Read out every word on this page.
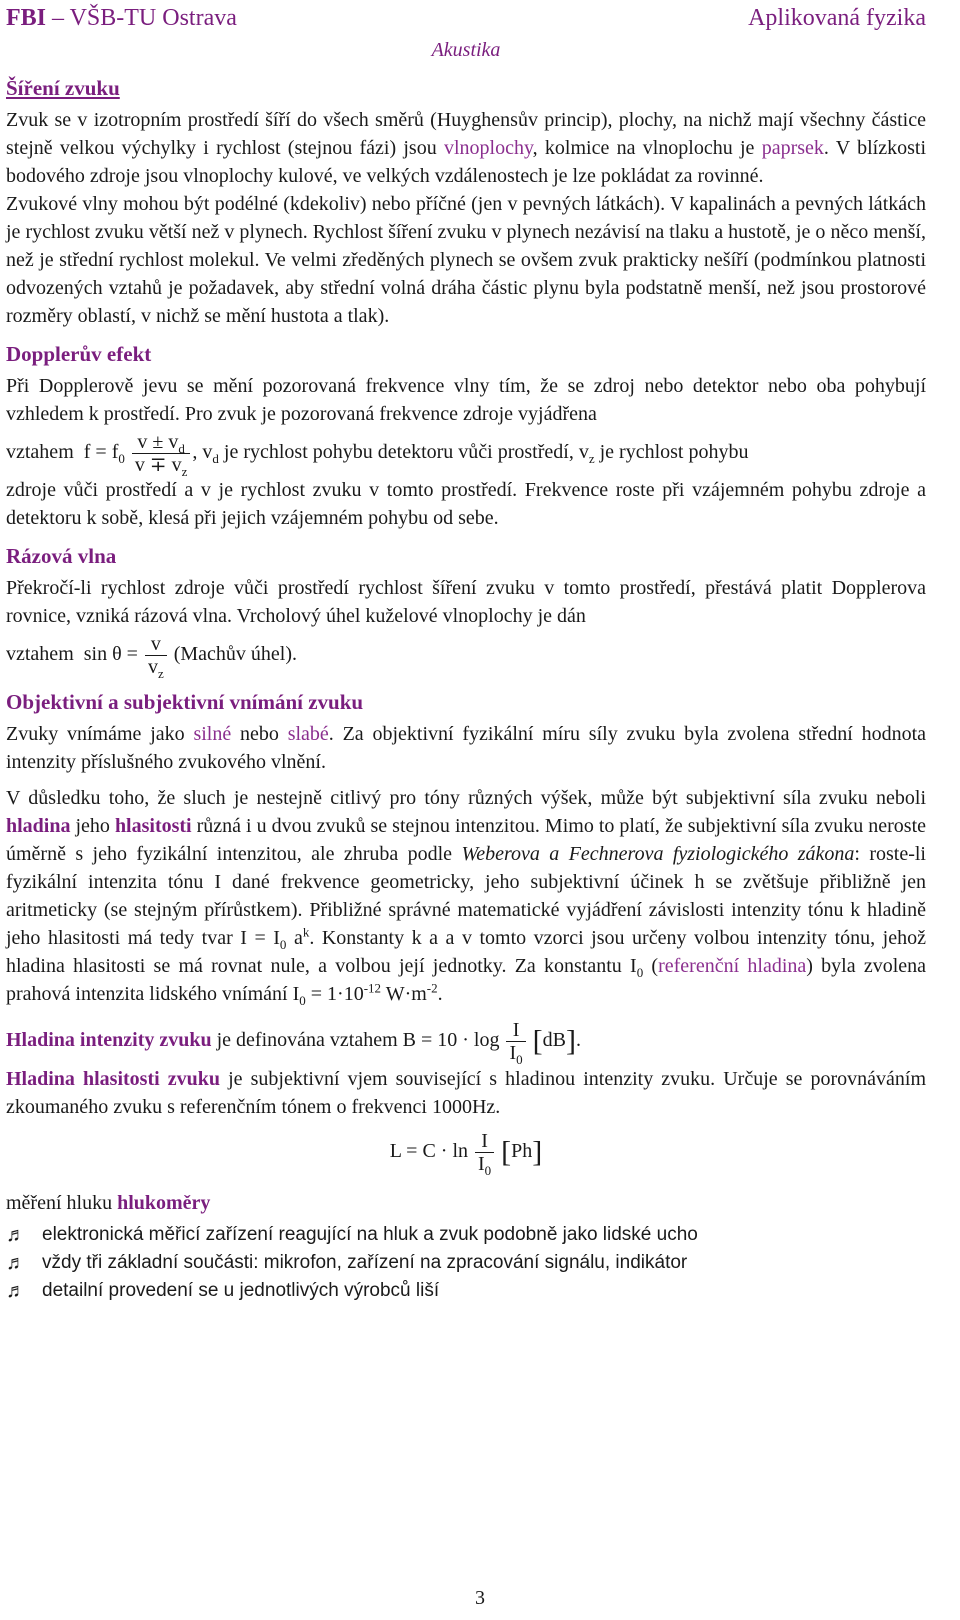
FBI – VŠB-TU Ostrava	Aplikovaná fyzika
Akustika
Šíření zvuku

Zvuk se v izotropním prostředí šíří do všech směrů (Huyghensův princip), plochy, na nichž mají všechny částice stejně velkou výchylky i rychlost (stejnou fázi) jsou vlnoplochy, kolmice na vlnoplochu je paprsek. V blízkosti bodového zdroje jsou vlnoplochy kulové, ve velkých vzdálenostech je lze pokládat za rovinné.

Zvukové vlny mohou být podélné (kdekoliv) nebo příčné (jen v pevných látkách). V kapalinách a pevných látkách je rychlost zvuku větší než v plynech. Rychlost šíření zvuku v plynech nezávisí na tlaku a hustotě, je o něco menší, než je střední rychlost molekul. Ve velmi zředěných plynech se ovšem zvuk prakticky nešíří (podmínkou platnosti odvozených vztahů je požadavek, aby střední volná dráha částic plynu byla podstatně menší, než jsou prostorové rozměry oblastí, v nichž se mění hustota a tlak).

Dopplerův efekt

Při Dopplerově jevu se mění pozorovaná frekvence vlny tím, že se zdroj nebo detektor nebo oba pohybují vzhledem k prostředí. Pro zvuk je pozorovaná frekvence zdroje vyjádřena

vztahem $f = f_0 \frac{v \pm v_d}{v \mp v_z}$ , $v_d$ je rychlost pohybu detektoru vůči prostředí, $v_z$ je rychlost pohybu

zdroje vůči prostředí a v je rychlost zvuku v tomto prostředí. Frekvence roste při vzájemném pohybu zdroje a detektoru k sobě, klesá při jejich vzájemném pohybu od sebe.

Rázová vlna

Překročí-li rychlost zdroje vůči prostředí rychlost šíření zvuku v tomto prostředí, přestává platit Dopplerova rovnice, vzniká rázová vlna. Vrcholový úhel kuželové vlnoplochy je dán

vztahem $\sin \theta = \frac{v}{v_z}$ (Machův úhel).

Objektivní a subjektivní vnímání zvuku

Zvuky vnímáme jako silné nebo slabé. Za objektivní fyzikální míru síly zvuku byla zvolena střední hodnota intenzity příslušného zvukového vlnění.

V důsledku toho, že sluch je nestejně citlivý pro tóny různých výšek, může být subjektivní síla zvuku neboli hladina jeho hlasitosti různá i u dvou zvuků se stejnou intenzitou. Mimo to platí, že subjektivní síla zvuku neroste úměrně s jeho fyzikální intenzitou, ale zhruba podle Weberova a Fechnerova fyziologického zákona: roste-li fyzikální intenzita tónu I dané frekvence geometricky, jeho subjektivní účinek h se zvětšuje přibližně jen aritmeticky (se stejným přírůstkem). Přibližné správné matematické vyjádření závislosti intenzity tónu k hladině jeho hlasitosti má tedy tvar $I = I_0$ $a^k$. Konstanty k a a v tomto vzorci jsou určeny volbou intenzity tónu, jehož hladina hlasitosti se má rovnat nule, a volbou její jednotky. Za konstantu $I_0$ (referenční hladina) byla zvolena prahová intenzita lidského vnímání $I_0 = 1\cdot 10^{-12}$ $W\cdot m^{-2}$.

Hladina intenzity zvuku je definována vztahem $B = 10 \cdot \log \frac{I}{I_0} [dB]$.

Hladina hlasitosti zvuku je subjektivní vjem související s hladinou intenzity zvuku. Určuje se porovnáváním zkoumaného zvuku s referenčním tónem o frekvenci 1000Hz.

$L = C \cdot \ln \frac{I}{I_0} [Ph]$

měření hluku hlukoměry

♬ elektronická měřicí zařízení reagující na hluk a zvuk podobně jako lidské ucho
♬ vždy tři základní součásti: mikrofon, zařízení na zpracování signálu, indikátor
♬ detailní provedení se u jednotlivých výrobců liší
3
